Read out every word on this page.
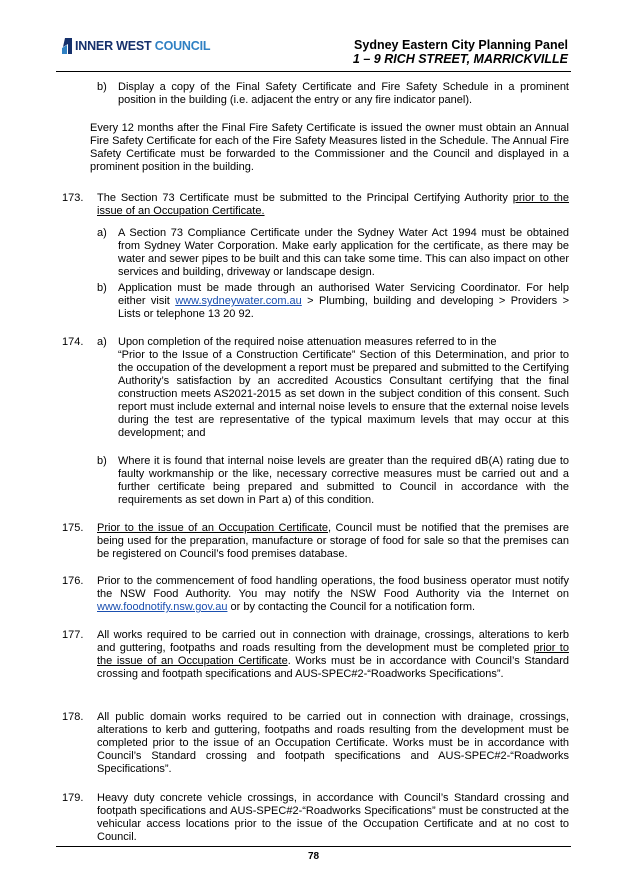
INNER WEST COUNCIL	Sydney Eastern City Planning Panel
1 – 9 RICH STREET, MARRICKVILLE

b) Display a copy of the Final Safety Certificate and Fire Safety Schedule in a prominent position in the building (i.e. adjacent the entry or any fire indicator panel).

Every 12 months after the Final Fire Safety Certificate is issued the owner must obtain an Annual Fire Safety Certificate for each of the Fire Safety Measures listed in the Schedule. The Annual Fire Safety Certificate must be forwarded to the Commissioner and the Council and displayed in a prominent position in the building.

173. The Section 73 Certificate must be submitted to the Principal Certifying Authority prior to the issue of an Occupation Certificate.

a) A Section 73 Compliance Certificate under the Sydney Water Act 1994 must be obtained from Sydney Water Corporation. Make early application for the certificate, as there may be water and sewer pipes to be built and this can take some time. This can also impact on other services and building, driveway or landscape design.

b) Application must be made through an authorised Water Servicing Coordinator. For help either visit www.sydneywater.com.au > Plumbing, building and developing > Providers > Lists or telephone 13 20 92.

174. a) Upon completion of the required noise attenuation measures referred to in the

“Prior to the Issue of a Construction Certificate” Section of this Determination, and prior to the occupation of the development a report must be prepared and submitted to the Certifying Authority’s satisfaction by an accredited Acoustics Consultant certifying that the final construction meets AS2021-2015 as set down in the subject condition of this consent. Such report must include external and internal noise levels to ensure that the external noise levels during the test are representative of the typical maximum levels that may occur at this development; and

b) Where it is found that internal noise levels are greater than the required dB(A) rating due to faulty workmanship or the like, necessary corrective measures must be carried out and a further certificate being prepared and submitted to Council in accordance with the requirements as set down in Part a) of this condition.

175. Prior to the issue of an Occupation Certificate, Council must be notified that the premises are being used for the preparation, manufacture or storage of food for sale so that the premises can be registered on Council’s food premises database.

176. Prior to the commencement of food handling operations, the food business operator must notify the NSW Food Authority. You may notify the NSW Food Authority via the Internet on www.foodnotify.nsw.gov.au or by contacting the Council for a notification form.

177. All works required to be carried out in connection with drainage, crossings, alterations to kerb and guttering, footpaths and roads resulting from the development must be completed prior to the issue of an Occupation Certificate. Works must be in accordance with Council’s Standard crossing and footpath specifications and AUS-SPEC#2-“Roadworks Specifications”.

178. All public domain works required to be carried out in connection with drainage, crossings, alterations to kerb and guttering, footpaths and roads resulting from the development must be completed prior to the issue of an Occupation Certificate. Works must be in accordance with Council’s Standard crossing and footpath specifications and AUS-SPEC#2-“Roadworks Specifications”.

179. Heavy duty concrete vehicle crossings, in accordance with Council’s Standard crossing and footpath specifications and AUS-SPEC#2-“Roadworks Specifications” must be constructed at the vehicular access locations prior to the issue of the Occupation Certificate and at no cost to Council.

78
